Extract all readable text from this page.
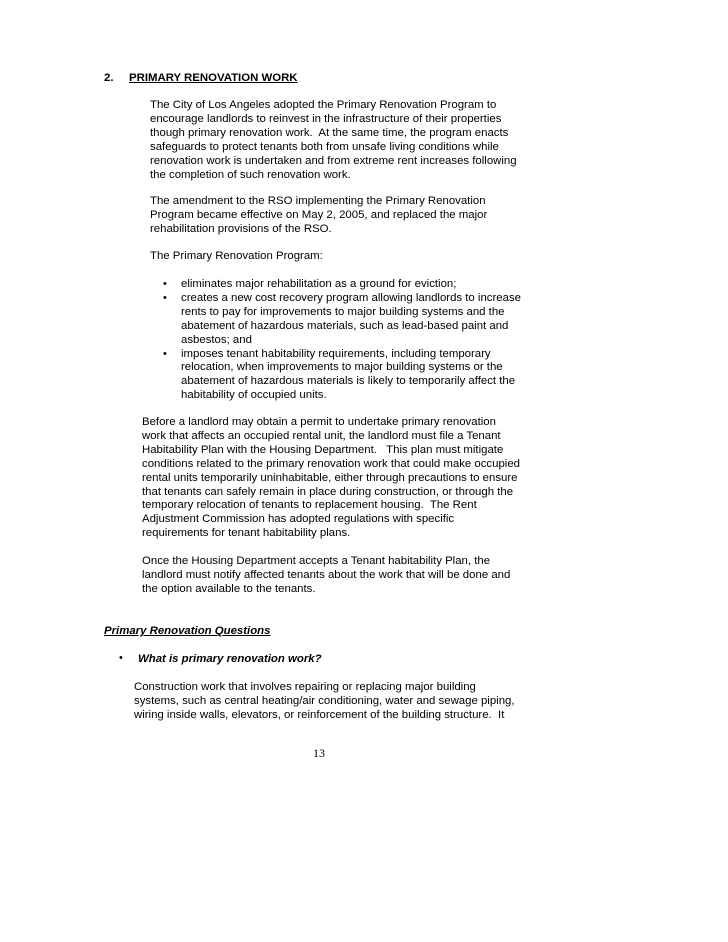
2. PRIMARY RENOVATION WORK
The City of Los Angeles adopted the Primary Renovation Program to
encourage landlords to reinvest in the infrastructure of their properties
though primary renovation work.  At the same time, the program enacts
safeguards to protect tenants both from unsafe living conditions while
renovation work is undertaken and from extreme rent increases following
the completion of such renovation work.
The amendment to the RSO implementing the Primary Renovation
Program became effective on May 2, 2005, and replaced the major
rehabilitation provisions of the RSO.
The Primary Renovation Program:
• eliminates major rehabilitation as a ground for eviction;
• creates a new cost recovery program allowing landlords to increase
rents to pay for improvements to major building systems and the
abatement of hazardous materials, such as lead-based paint and
asbestos; and
• imposes tenant habitability requirements, including temporary
relocation, when improvements to major building systems or the
abatement of hazardous materials is likely to temporarily affect the
habitability of occupied units.
Before a landlord may obtain a permit to undertake primary renovation
work that affects an occupied rental unit, the landlord must file a Tenant
Habitability Plan with the Housing Department.   This plan must mitigate
conditions related to the primary renovation work that could make occupied
rental units temporarily uninhabitable, either through precautions to ensure
that tenants can safely remain in place during construction, or through the
temporary relocation of tenants to replacement housing.  The Rent
Adjustment Commission has adopted regulations with specific
requirements for tenant habitability plans.
Once the Housing Department accepts a Tenant habitability Plan, the
landlord must notify affected tenants about the work that will be done and
the option available to the tenants.
Primary Renovation Questions
• What is primary renovation work?
Construction work that involves repairing or replacing major building
systems, such as central heating/air conditioning, water and sewage piping,
wiring inside walls, elevators, or reinforcement of the building structure.  It
13
